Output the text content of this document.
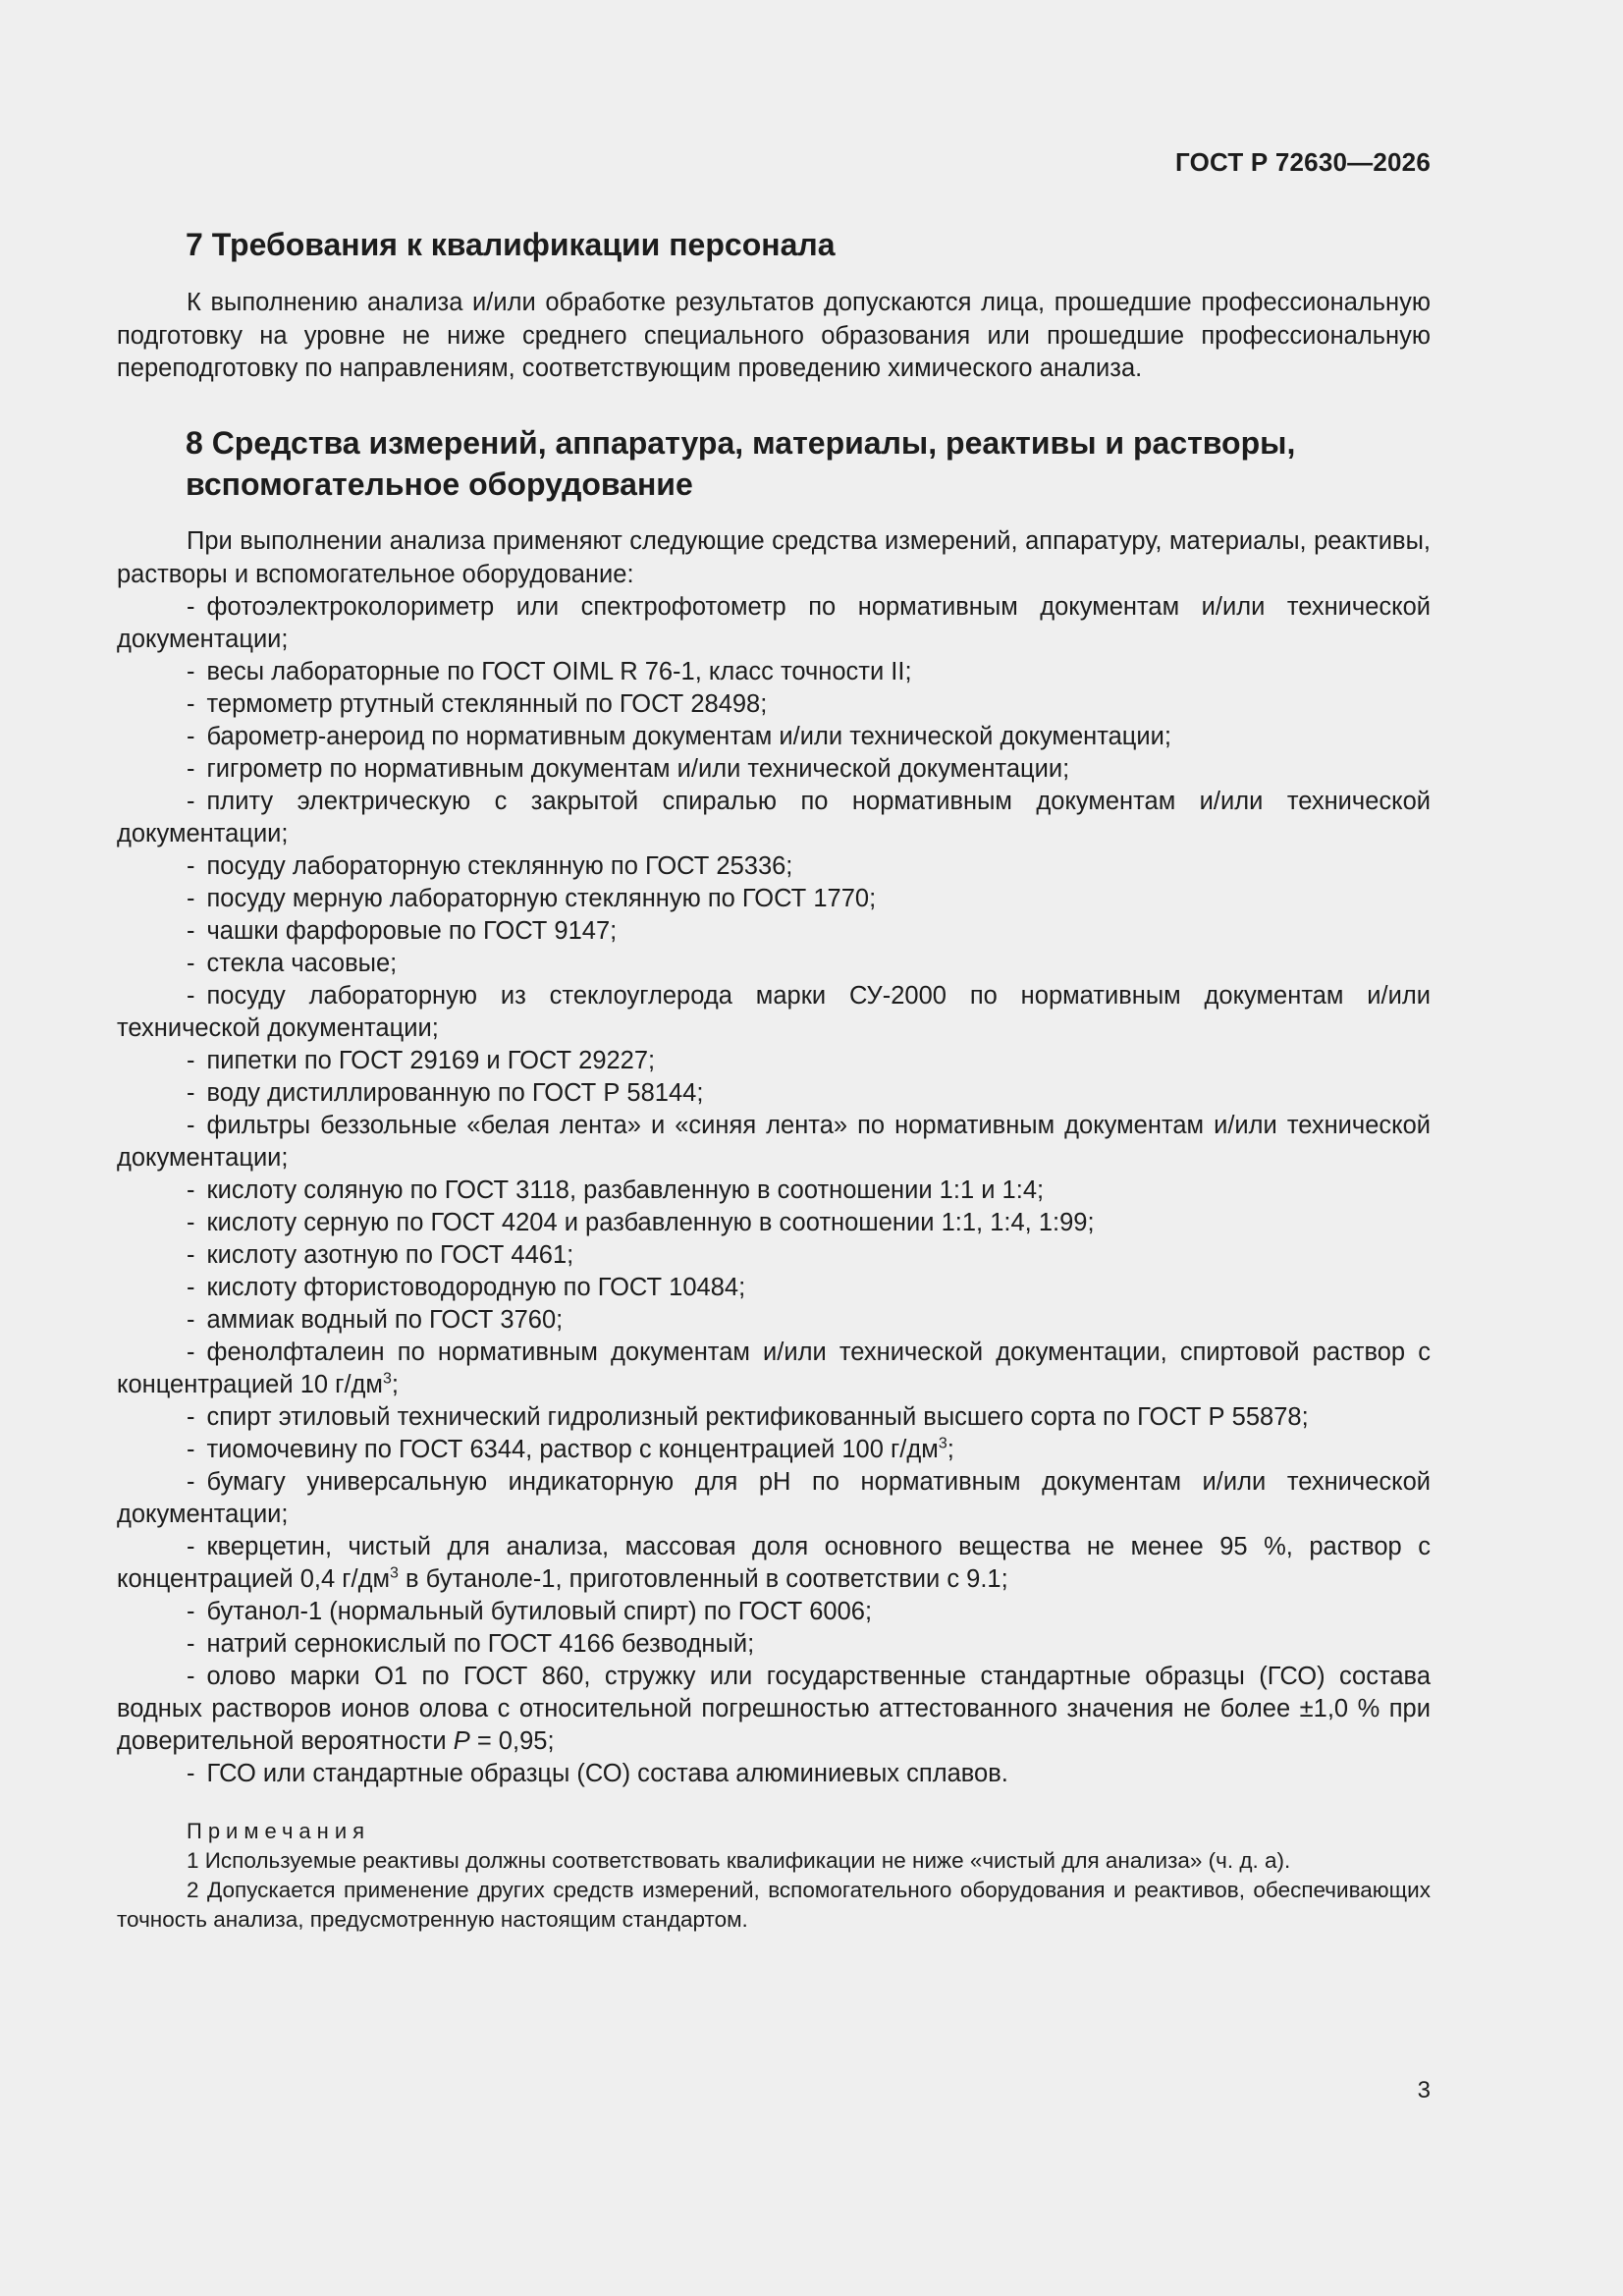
ГОСТ Р 72630—2026
7 Требования к квалификации персонала

К выполнению анализа и/или обработке результатов допускаются лица, прошедшие профессиональную подготовку на уровне не ниже среднего специального образования или прошедшие профессиональную переподготовку по направлениям, соответствующим проведению химического анализа.

8 Средства измерений, аппаратура, материалы, реактивы и растворы,
вспомогательное оборудование

При выполнении анализа применяют следующие средства измерений, аппаратуру, материалы, реактивы, растворы и вспомогательное оборудование:

- фотоэлектроколориметр или спектрофотометр по нормативным документам и/или технической документации;
- весы лабораторные по ГОСТ OIML R 76-1, класс точности II;
- термометр ртутный стеклянный по ГОСТ 28498;
- барометр-анероид по нормативным документам и/или технической документации;
- гигрометр по нормативным документам и/или технической документации;
- плиту электрическую с закрытой спиралью по нормативным документам и/или технической документации;
- посуду лабораторную стеклянную по ГОСТ 25336;
- посуду мерную лабораторную стеклянную по ГОСТ 1770;
- чашки фарфоровые по ГОСТ 9147;
- стекла часовые;
- посуду лабораторную из стеклоуглерода марки СУ-2000 по нормативным документам и/или технической документации;
- пипетки по ГОСТ 29169 и ГОСТ 29227;
- воду дистиллированную по ГОСТ Р 58144;
- фильтры беззольные «белая лента» и «синяя лента» по нормативным документам и/или технической документации;
- кислоту соляную по ГОСТ 3118, разбавленную в соотношении 1:1 и 1:4;
- кислоту серную по ГОСТ 4204 и разбавленную в соотношении 1:1, 1:4, 1:99;
- кислоту азотную по ГОСТ 4461;
- кислоту фтористоводородную по ГОСТ 10484;
- аммиак водный по ГОСТ 3760;
- фенолфталеин по нормативным документам и/или технической документации, спиртовой раствор с концентрацией 10 $г/дм^3$;
- спирт этиловый технический гидролизный ректификованный высшего сорта по ГОСТ Р 55878;
- тиомочевину по ГОСТ 6344, раствор с концентрацией 100 $г/дм^3$;
- бумагу универсальную индикаторную для pH по нормативным документам и/или технической документации;
- кверцетин, чистый для анализа, массовая доля основного вещества не менее 95 %, раствор с концентрацией 0,4 $г/дм^3$ в бутаноле-1, приготовленный в соответствии с 9.1;
- бутанол-1 (нормальный бутиловый спирт) по ГОСТ 6006;
- натрий сернокислый по ГОСТ 4166 безводный;
- олово марки О1 по ГОСТ 860, стружку или государственные стандартные образцы (ГСО) состава водных растворов ионов олова с относительной погрешностью аттестованного значения не более ±1,0 % при доверительной вероятности P = 0,95;
- ГСО или стандартные образцы (СО) состава алюминиевых сплавов.
Примечания

1 Используемые реактивы должны соответствовать квалификации не ниже «чистый для анализа» (ч. д. а).

2 Допускается применение других средств измерений, вспомогательного оборудования и реактивов, обеспечивающих точность анализа, предусмотренную настоящим стандартом.

3
